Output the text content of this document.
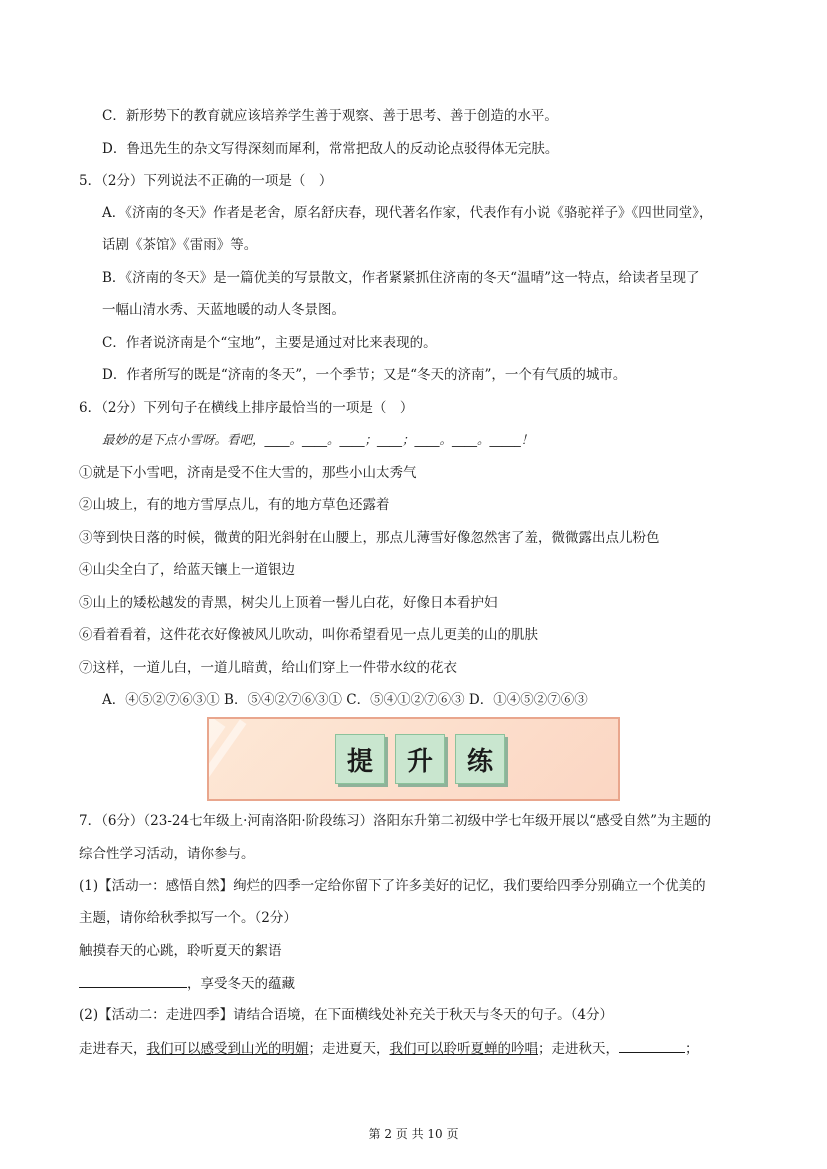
C．新形势下的教育就应该培养学生善于观察、善于思考、善于创造的水平。
D．鲁迅先生的杂文写得深刻而犀利，常常把敌人的反动论点驳得体无完肤。
5．（2分）下列说法不正确的一项是（　）
A．《济南的冬天》作者是老舍，原名舒庆春，现代著名作家，代表作有小说《骆驼祥子》《四世同堂》，
话剧《茶馆》《雷雨》等。
B．《济南的冬天》是一篇优美的写景散文，作者紧紧抓住济南的冬天“温晴”这一特点，给读者呈现了
一幅山清水秀、天蓝地暖的动人冬景图。
C．作者说济南是个“宝地”，主要是通过对比来表现的。
D．作者所写的既是“济南的冬天”，一个季节；又是“冬天的济南”，一个有气质的城市。
6．（2分）下列句子在横线上排序最恰当的一项是（　）
最妙的是下点小雪呀。看吧，____。____。____；____；____。____。_____！
①就是下小雪吧，济南是受不住大雪的，那些小山太秀气
②山坡上，有的地方雪厚点儿，有的地方草色还露着
③等到快日落的时候，微黄的阳光斜射在山腰上，那点儿薄雪好像忽然害了羞，微微露出点儿粉色
④山尖全白了，给蓝天镶上一道银边
⑤山上的矮松越发的青黑，树尖儿上顶着一髻儿白花，好像日本看护妇
⑥看着看着，这件花衣好像被风儿吹动，叫你希望看见一点儿更美的山的肌肤
⑦这样，一道儿白，一道儿暗黄，给山们穿上一件带水纹的花衣
A．④⑤②⑦⑥③① B．⑤④②⑦⑥③① C．⑤④①②⑦⑥③ D．①④⑤②⑦⑥③
提	升	练
7．（6分）（23-24七年级上·河南洛阳·阶段练习）洛阳东升第二初级中学七年级开展以“感受自然”为主题的
综合性学习活动，请你参与。
(1)【活动一：感悟自然】绚烂的四季一定给你留下了许多美好的记忆，我们要给四季分别确立一个优美的
主题，请你给秋季拟写一个。（2分）
触摸春天的心跳，聆听夏天的絮语
，享受冬天的蕴藏
(2)【活动二：走进四季】请结合语境，在下面横线处补充关于秋天与冬天的句子。（4分）
走进春天，我们可以感受到山光的明媚；走进夏天，我们可以聆听夏蝉的吟唱；走进秋天，	；
第 2 页 共 10 页
